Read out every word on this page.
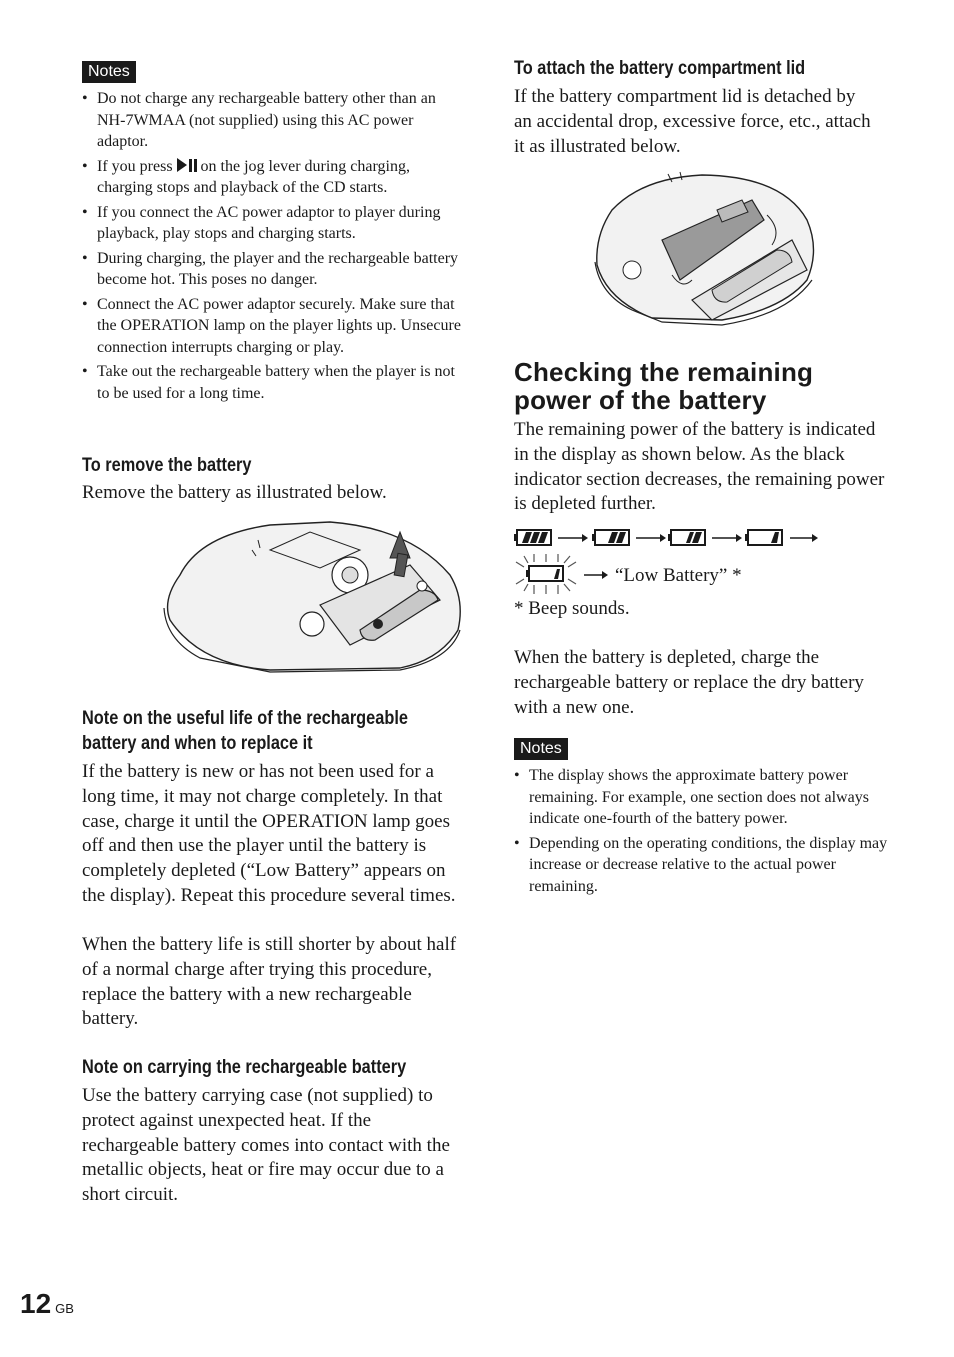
Notes
• Do not charge any rechargeable battery other than an NH-7WMAA (not supplied) using this AC power adaptor.
• If you press on the jog lever during charging, charging stops and playback of the CD starts.
• If you connect the AC power adaptor to player during playback, play stops and charging starts.
• During charging, the player and the rechargeable battery become hot. This poses no danger.
• Connect the AC power adaptor securely. Make sure that the OPERATION lamp on the player lights up. Unsecure connection interrupts charging or play.
• Take out the rechargeable battery when the player is not to be used for a long time.
To remove the battery

Remove the battery as illustrated below.

Note on the useful life of the rechargeable
battery and when to replace it

If the battery is new or has not been used for a long time, it may not charge completely. In that case, charge it until the OPERATION lamp goes off and then use the player until the battery is completely depleted (“Low Battery” appears on the display). Repeat this procedure several times.

When the battery life is still shorter by about half of a normal charge after trying this procedure, replace the battery with a new rechargeable battery.

Note on carrying the rechargeable battery

Use the battery carrying case (not supplied) to protect against unexpected heat. If the rechargeable battery comes into contact with the metallic objects, heat or fire may occur due to a short circuit.

To attach the battery compartment lid

If the battery compartment lid is detached by an accidental drop, excessive force, etc., attach it as illustrated below.

Checking the remaining
power of the battery

The remaining power of the battery is indicated in the display as shown below. As the black indicator section decreases, the remaining power is depleted further.

“Low Battery” *

* Beep sounds.

When the battery is depleted, charge the rechargeable battery or replace the dry battery with a new one.

Notes
• The display shows the approximate battery power remaining. For example, one section does not always indicate one-fourth of the battery power.
• Depending on the operating conditions, the display may increase or decrease relative to the actual power remaining.
12 GB
